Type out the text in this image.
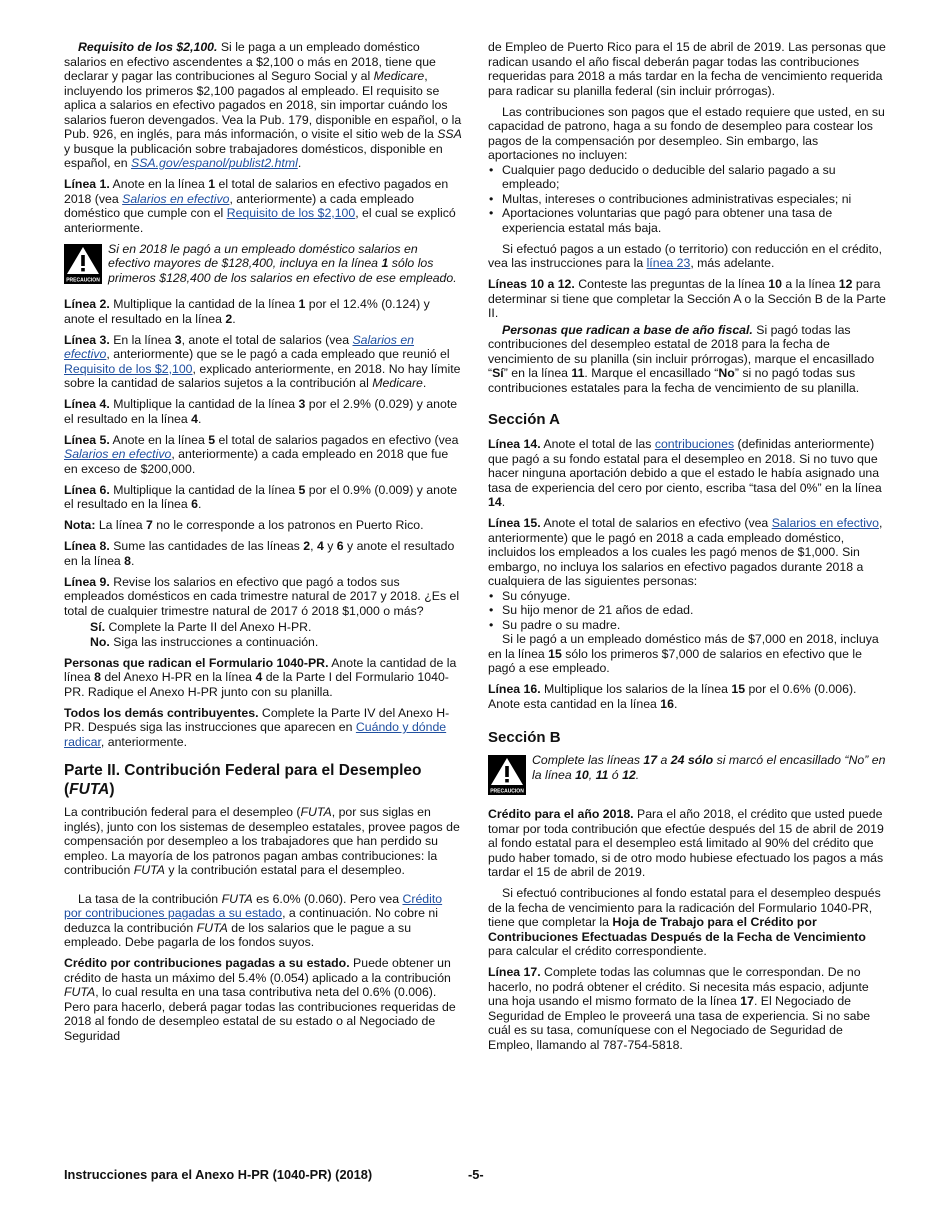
Requisito de los $2,100. Si le paga a un empleado doméstico salarios en efectivo ascendentes a $2,100 o más en 2018, tiene que declarar y pagar las contribuciones al Seguro Social y al Medicare, incluyendo los primeros $2,100 pagados al empleado. El requisito se aplica a salarios en efectivo pagados en 2018, sin importar cuándo los salarios fueron devengados. Vea la Pub. 179, disponible en español, o la Pub. 926, en inglés, para más información, o visite el sitio web de la SSA y busque la publicación sobre trabajadores domésticos, disponible en español, en SSA.gov/espanol/publist2.html.

Línea 1. Anote en la línea 1 el total de salarios en efectivo pagados en 2018 (vea Salarios en efectivo, anteriormente) a cada empleado doméstico que cumple con el Requisito de los $2,100, el cual se explicó anteriormente.

PRECAUCION
Si en 2018 le pagó a un empleado doméstico salarios en efectivo mayores de $128,400, incluya en la línea 1 sólo los primeros $128,400 de los salarios en efectivo de ese empleado.

Línea 2. Multiplique la cantidad de la línea 1 por el 12.4% (0.124) y anote el resultado en la línea 2.

Línea 3. En la línea 3, anote el total de salarios (vea Salarios en efectivo, anteriormente) que se le pagó a cada empleado que reunió el Requisito de los $2,100, explicado anteriormente, en 2018. No hay límite sobre la cantidad de salarios sujetos a la contribución al Medicare.

Línea 4. Multiplique la cantidad de la línea 3 por el 2.9% (0.029) y anote el resultado en la línea 4.

Línea 5. Anote en la línea 5 el total de salarios pagados en efectivo (vea Salarios en efectivo, anteriormente) a cada empleado en 2018 que fue en exceso de $200,000.

Línea 6. Multiplique la cantidad de la línea 5 por el 0.9% (0.009) y anote el resultado en la línea 6.

Nota: La línea 7 no le corresponde a los patronos en Puerto Rico.

Línea 8. Sume las cantidades de las líneas 2, 4 y 6 y anote el resultado en la línea 8.

Línea 9. Revise los salarios en efectivo que pagó a todos sus empleados domésticos en cada trimestre natural de 2017 y 2018. ¿Es el total de cualquier trimestre natural de 2017 ó 2018 $1,000 o más?

Sí. Complete la Parte II del Anexo H-PR.

No. Siga las instrucciones a continuación.

Personas que radican el Formulario 1040-PR. Anote la cantidad de la línea 8 del Anexo H-PR en la línea 4 de la Parte I del Formulario 1040-PR. Radique el Anexo H-PR junto con su planilla.

Todos los demás contribuyentes. Complete la Parte IV del Anexo H-PR. Después siga las instrucciones que aparecen en Cuándo y dónde radicar, anteriormente.

Parte II. Contribución Federal para el Desempleo (FUTA)

La contribución federal para el desempleo (FUTA, por sus siglas en inglés), junto con los sistemas de desempleo estatales, provee pagos de compensación por desempleo a los trabajadores que han perdido su empleo. La mayoría de los patronos pagan ambas contribuciones: la contribución FUTA y la contribución estatal para el desempleo.

La tasa de la contribución FUTA es 6.0% (0.060). Pero vea Crédito por contribuciones pagadas a su estado, a continuación. No cobre ni deduzca la contribución FUTA de los salarios que le pague a su empleado. Debe pagarla de los fondos suyos.

Crédito por contribuciones pagadas a su estado. Puede obtener un crédito de hasta un máximo del 5.4% (0.054) aplicado a la contribución FUTA, lo cual resulta en una tasa contributiva neta del 0.6% (0.006). Pero para hacerlo, deberá pagar todas las contribuciones requeridas de 2018 al fondo de desempleo estatal de su estado o al Negociado de Seguridad

de Empleo de Puerto Rico para el 15 de abril de 2019. Las personas que radican usando el año fiscal deberán pagar todas las contribuciones requeridas para 2018 a más tardar en la fecha de vencimiento requerida para radicar su planilla federal (sin incluir prórrogas).

Las contribuciones son pagos que el estado requiere que usted, en su capacidad de patrono, haga a su fondo de desempleo para costear los pagos de la compensación por desempleo. Sin embargo, las aportaciones no incluyen:

• Cualquier pago deducido o deducible del salario pagado a su empleado;

• Multas, intereses o contribuciones administrativas especiales; ni

• Aportaciones voluntarias que pagó para obtener una tasa de experiencia estatal más baja.

Si efectuó pagos a un estado (o territorio) con reducción en el crédito, vea las instrucciones para la línea 23, más adelante.

Líneas 10 a 12. Conteste las preguntas de la línea 10 a la línea 12 para determinar si tiene que completar la Sección A o la Sección B de la Parte II.

Personas que radican a base de año fiscal. Si pagó todas las contribuciones del desempleo estatal de 2018 para la fecha de vencimiento de su planilla (sin incluir prórrogas), marque el encasillado “Sí” en la línea 11. Marque el encasillado “No” si no pagó todas sus contribuciones estatales para la fecha de vencimiento de su planilla.

Sección A

Línea 14. Anote el total de las contribuciones (definidas anteriormente) que pagó a su fondo estatal para el desempleo en 2018. Si no tuvo que hacer ninguna aportación debido a que el estado le había asignado una tasa de experiencia del cero por ciento, escriba “tasa del 0%” en la línea 14.

Línea 15. Anote el total de salarios en efectivo (vea Salarios en efectivo, anteriormente) que le pagó en 2018 a cada empleado doméstico, incluidos los empleados a los cuales les pagó menos de $1,000. Sin embargo, no incluya los salarios en efectivo pagados durante 2018 a cualquiera de las siguientes personas:

• Su cónyuge.

• Su hijo menor de 21 años de edad.

• Su padre o su madre.

Si le pagó a un empleado doméstico más de $7,000 en 2018, incluya en la línea 15 sólo los primeros $7,000 de salarios en efectivo que le pagó a ese empleado.

Línea 16. Multiplique los salarios de la línea 15 por el 0.6% (0.006). Anote esta cantidad en la línea 16.

Sección B
PRECAUCION
Complete las líneas 17 a 24 sólo si marcó el encasillado “No” en la línea 10, 11 ó 12.

Crédito para el año 2018. Para el año 2018, el crédito que usted puede tomar por toda contribución que efectúe después del 15 de abril de 2019 al fondo estatal para el desempleo está limitado al 90% del crédito que pudo haber tomado, si de otro modo hubiese efectuado los pagos a más tardar el 15 de abril de 2019.

Si efectuó contribuciones al fondo estatal para el desempleo después de la fecha de vencimiento para la radicación del Formulario 1040-PR, tiene que completar la Hoja de Trabajo para el Crédito por Contribuciones Efectuadas Después de la Fecha de Vencimiento para calcular el crédito correspondiente.

Línea 17. Complete todas las columnas que le correspondan. De no hacerlo, no podrá obtener el crédito. Si necesita más espacio, adjunte una hoja usando el mismo formato de la línea 17. El Negociado de Seguridad de Empleo le proveerá una tasa de experiencia. Si no sabe cuál es su tasa, comuníquese con el Negociado de Seguridad de Empleo, llamando al 787-754-5818.

Instrucciones para el Anexo H-PR (1040-PR) (2018)	-5-
